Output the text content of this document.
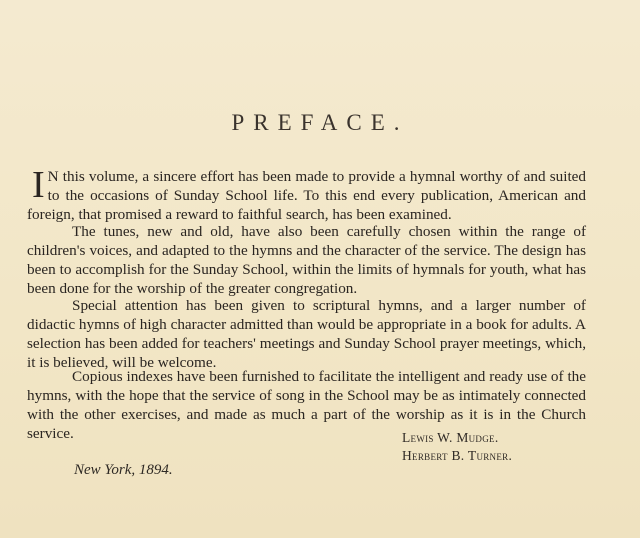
PREFACE.
I N this volume, a sincere effort has been made to provide a hymnal worthy of and suited to the occasions of Sunday School life. To this end every publication, American and foreign, that promised a reward to faithful search, has been examined.
The tunes, new and old, have also been carefully chosen within the range of children's voices, and adapted to the hymns and the character of the service. The design has been to accomplish for the Sunday School, within the limits of hymnals for youth, what has been done for the worship of the greater congregation.
Special attention has been given to scriptural hymns, and a larger number of didactic hymns of high character admitted than would be appropriate in a book for adults. A selection has been added for teachers' meetings and Sunday School prayer meetings, which, it is believed, will be welcome.
Copious indexes have been furnished to facilitate the intelligent and ready use of the hymns, with the hope that the service of song in the School may be as intimately connected with the other exercises, and made as much a part of the worship as it is in the Church service.	Lewis W. Mudge.
Herbert B. Turner.
New York, 1894.
